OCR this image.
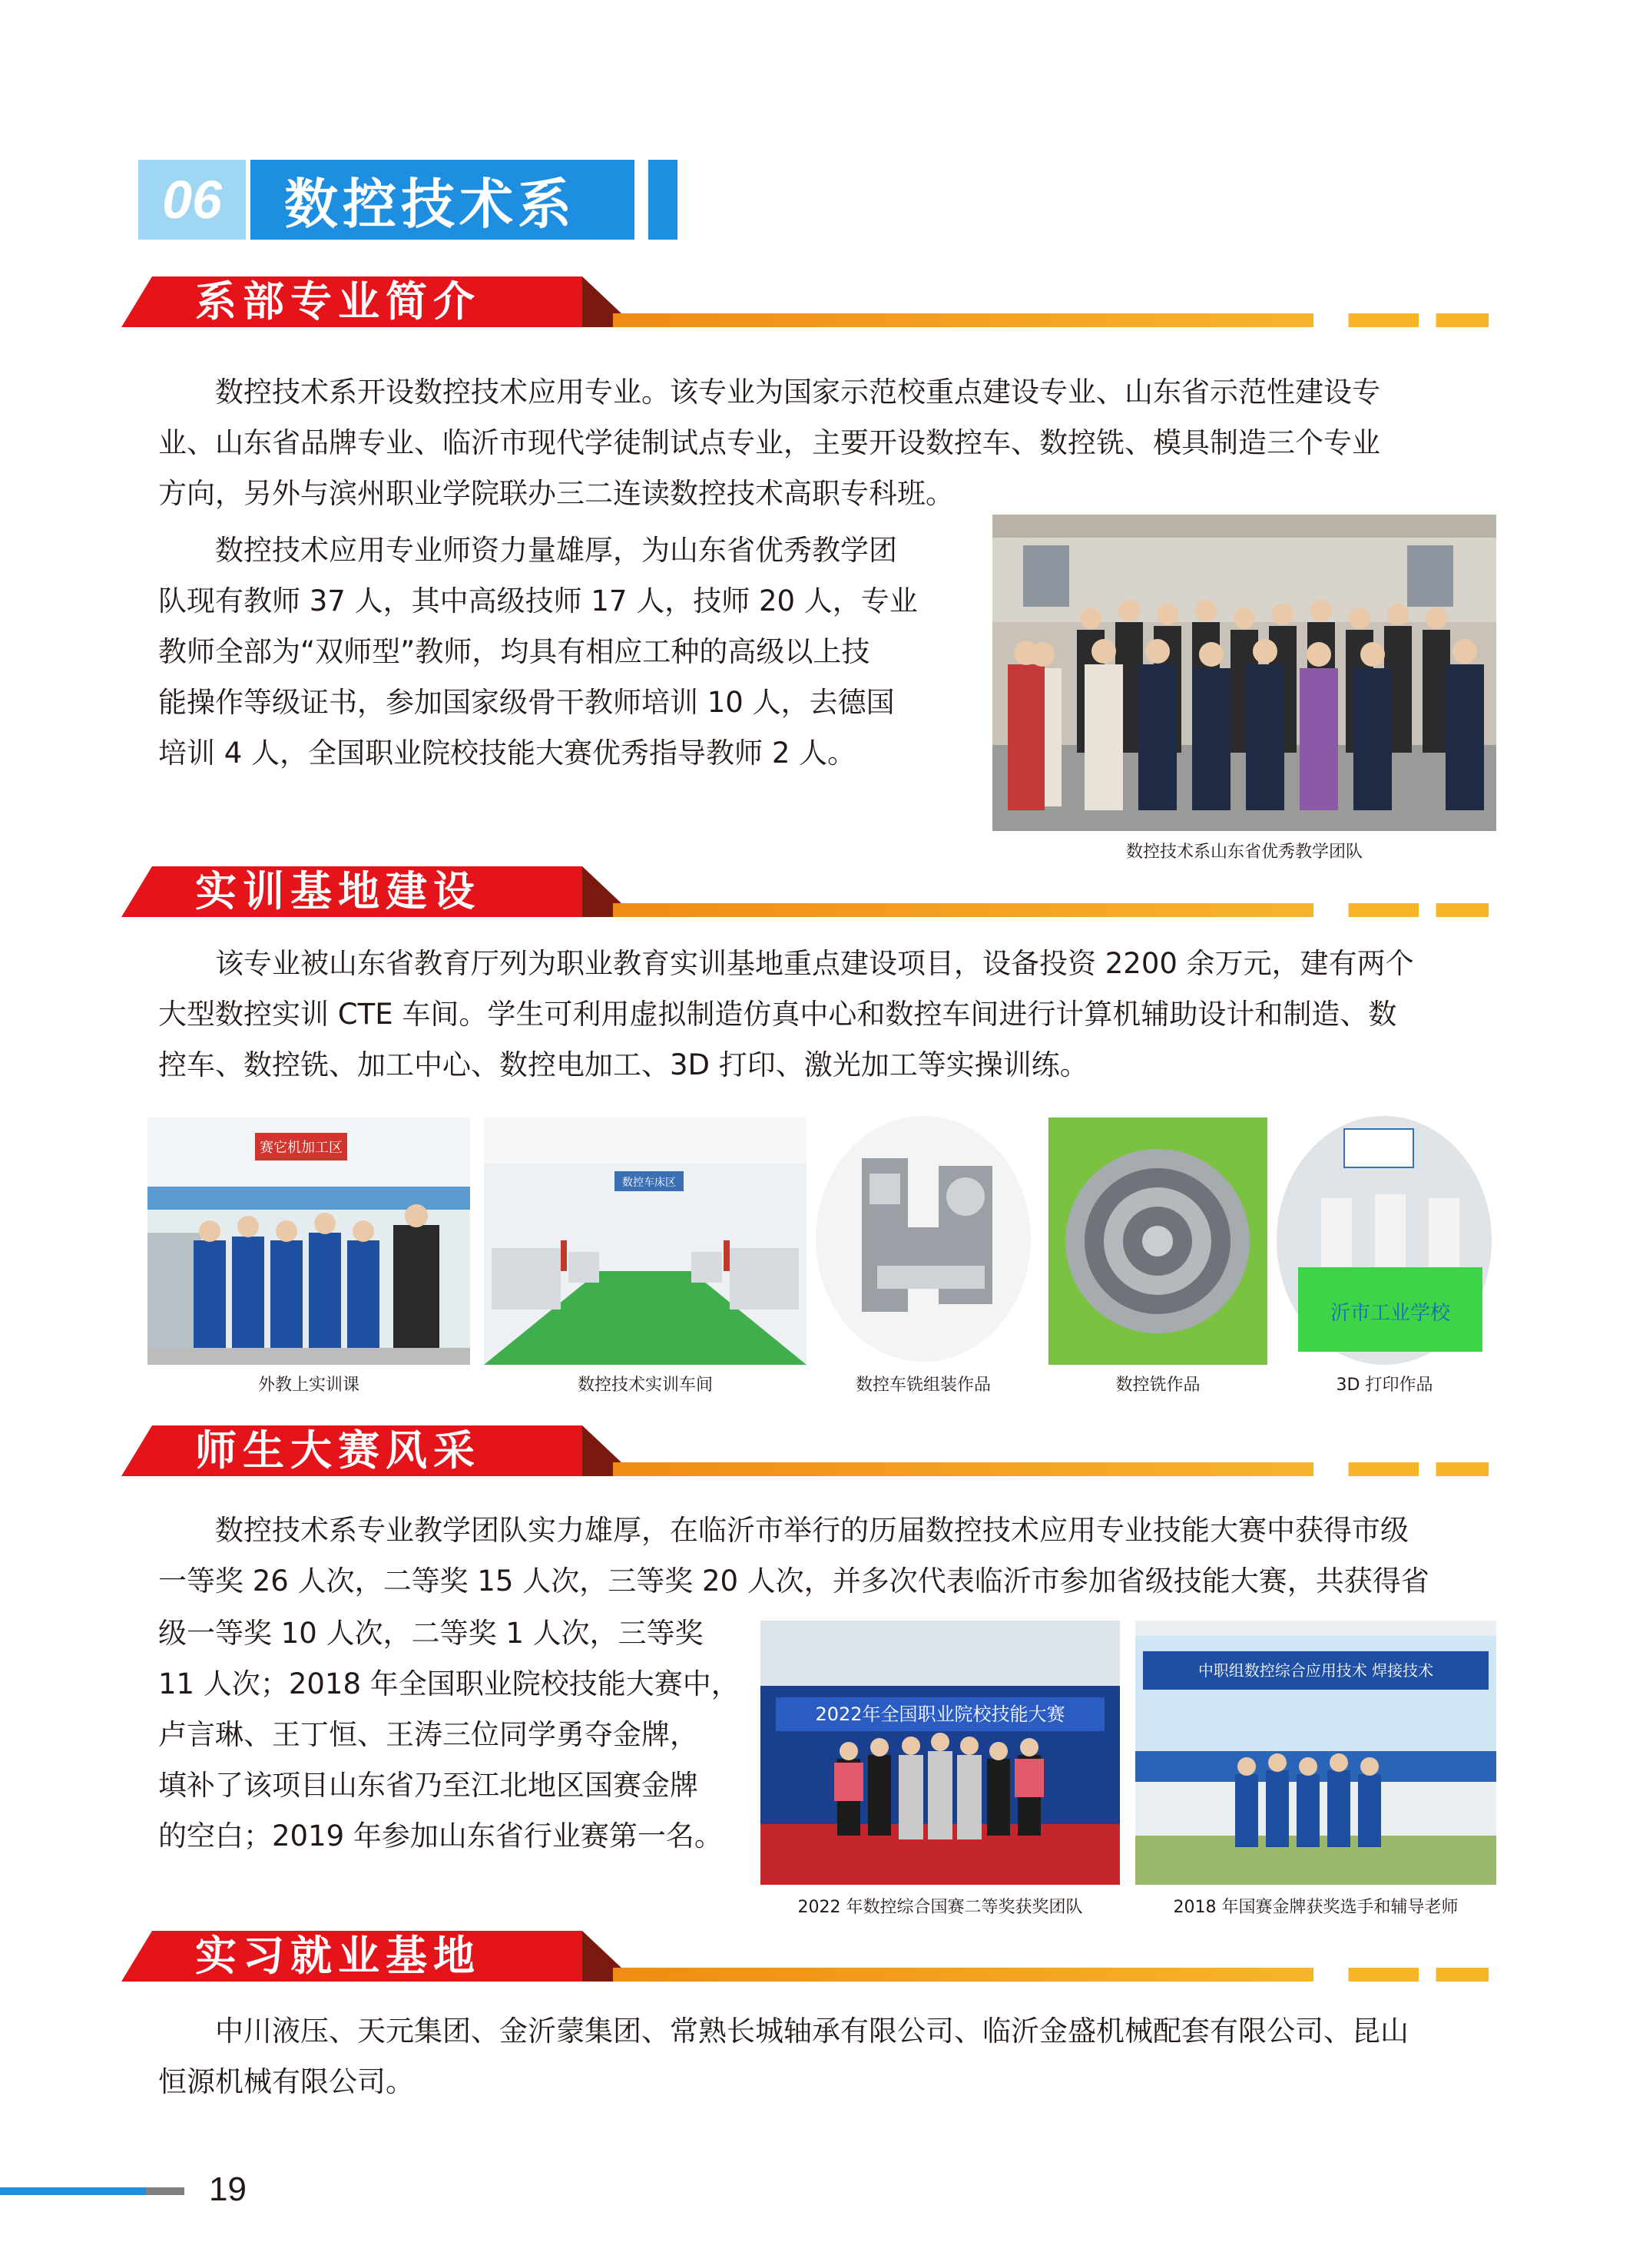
06	数控技术系
系部专业简介
数控技术系开设数控技术应用专业。该专业为国家示范校重点建设专业、山东省示范性建设专
业、山东省品牌专业、临沂市现代学徒制试点专业，主要开设数控车、数控铣、模具制造三个专业
方向，另外与滨州职业学院联办三二连读数控技术高职专科班。
数控技术应用专业师资力量雄厚，为山东省优秀教学团
队现有教师 37 人，其中高级技师 17 人，技师 20 人，专业
教师全部为“双师型”教师，均具有相应工种的高级以上技
能操作等级证书，参加国家级骨干教师培训 10 人，去德国
培训 4 人，全国职业院校技能大赛优秀指导教师 2 人。
数控技术系山东省优秀教学团队
实训基地建设
该专业被山东省教育厅列为职业教育实训基地重点建设项目，设备投资 2200 余万元，建有两个
大型数控实训 CTE 车间。学生可利用虚拟制造仿真中心和数控车间进行计算机辅助设计和制造、数
控车、数控铣、加工中心、数控电加工、3D 打印、激光加工等实操训练。
赛它机加工区
数控车床区
沂市工业学校
外教上实训课	数控技术实训车间	数控车铣组装作品	数控铣作品	3D 打印作品
师生大赛风采
数控技术系专业教学团队实力雄厚，在临沂市举行的历届数控技术应用专业技能大赛中获得市级
一等奖 26 人次，二等奖 15 人次，三等奖 20 人次，并多次代表临沂市参加省级技能大赛，共获得省
级一等奖 10 人次，二等奖 1 人次，三等奖
11 人次；2018 年全国职业院校技能大赛中，
卢言琳、王丁恒、王涛三位同学勇夺金牌，
填补了该项目山东省乃至江北地区国赛金牌
的空白；2019 年参加山东省行业赛第一名。
2022年全国职业院校技能大赛
中职组数控综合应用技术 焊接技术
2022 年数控综合国赛二等奖获奖团队	2018 年国赛金牌获奖选手和辅导老师
实习就业基地
中川液压、天元集团、金沂蒙集团、常熟长城轴承有限公司、临沂金盛机械配套有限公司、昆山
恒源机械有限公司。
19
